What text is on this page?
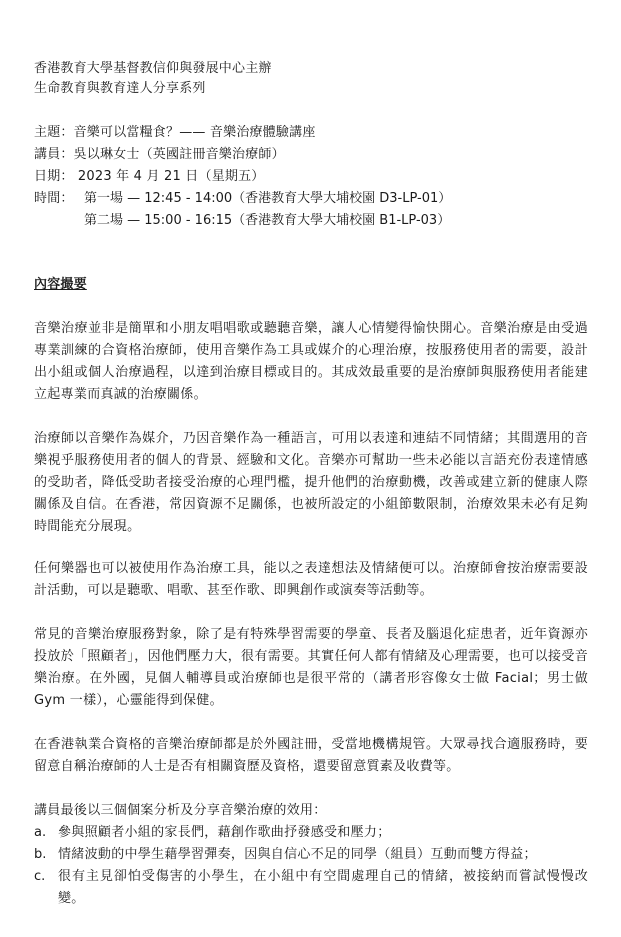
香港教育大學基督教信仰與發展中心主辦
生命教育與教育達人分享系列
主題：音樂可以當糧食？—— 音樂治療體驗講座
講員：吳以琳女士（英國註冊音樂治療師）
日期： 2023 年 4 月 21 日（星期五）
時間： 第一場 — 12:45 - 14:00（香港教育大學大埔校園 D3-LP-01）
第二場 — 15:00 - 16:15（香港教育大學大埔校園 B1-LP-03）
內容撮要
音樂治療並非是簡單和小朋友唱唱歌或聽聽音樂，讓人心情變得愉快開心。音樂治療是由受過專業訓練的合資格治療師，使用音樂作為工具或媒介的心理治療，按服務使用者的需要，設計出小組或個人治療過程，以達到治療目標或目的。其成效最重要的是治療師與服務使用者能建立起專業而真誠的治療關係。
治療師以音樂作為媒介，乃因音樂作為一種語言，可用以表達和連結不同情緒；其間選用的音樂視乎服務使用者的個人的背景、經驗和文化。音樂亦可幫助一些未必能以言語充份表達情感的受助者，降低受助者接受治療的心理門檻，提升他們的治療動機，改善或建立新的健康人際關係及自信。在香港，常因資源不足關係，也被所設定的小組節數限制，治療效果未必有足夠時間能充分展現。
任何樂器也可以被使用作為治療工具，能以之表達想法及情緒便可以。治療師會按治療需要設計活動，可以是聽歌、唱歌、甚至作歌、即興創作或演奏等活動等。
常見的音樂治療服務對象，除了是有特殊學習需要的學童、長者及腦退化症患者，近年資源亦投放於「照顧者」，因他們壓力大，很有需要。其實任何人都有情緒及心理需要，也可以接受音樂治療。在外國，見個人輔導員或治療師也是很平常的（講者形容像女士做 Facial；男士做 Gym 一樣），心靈能得到保健。
在香港執業合資格的音樂治療師都是於外國註冊，受當地機構規管。大眾尋找合適服務時，要留意自稱治療師的人士是否有相關資歷及資格，還要留意質素及收費等。
講員最後以三個個案分析及分享音樂治療的效用：
a. 參與照顧者小組的家長們，藉創作歌曲抒發感受和壓力；
b. 情緒波動的中學生藉學習彈奏，因與自信心不足的同學（組員）互動而雙方得益；
c. 很有主見卻怕受傷害的小學生，在小組中有空間處理自己的情緒，被接納而嘗試慢慢改變。
